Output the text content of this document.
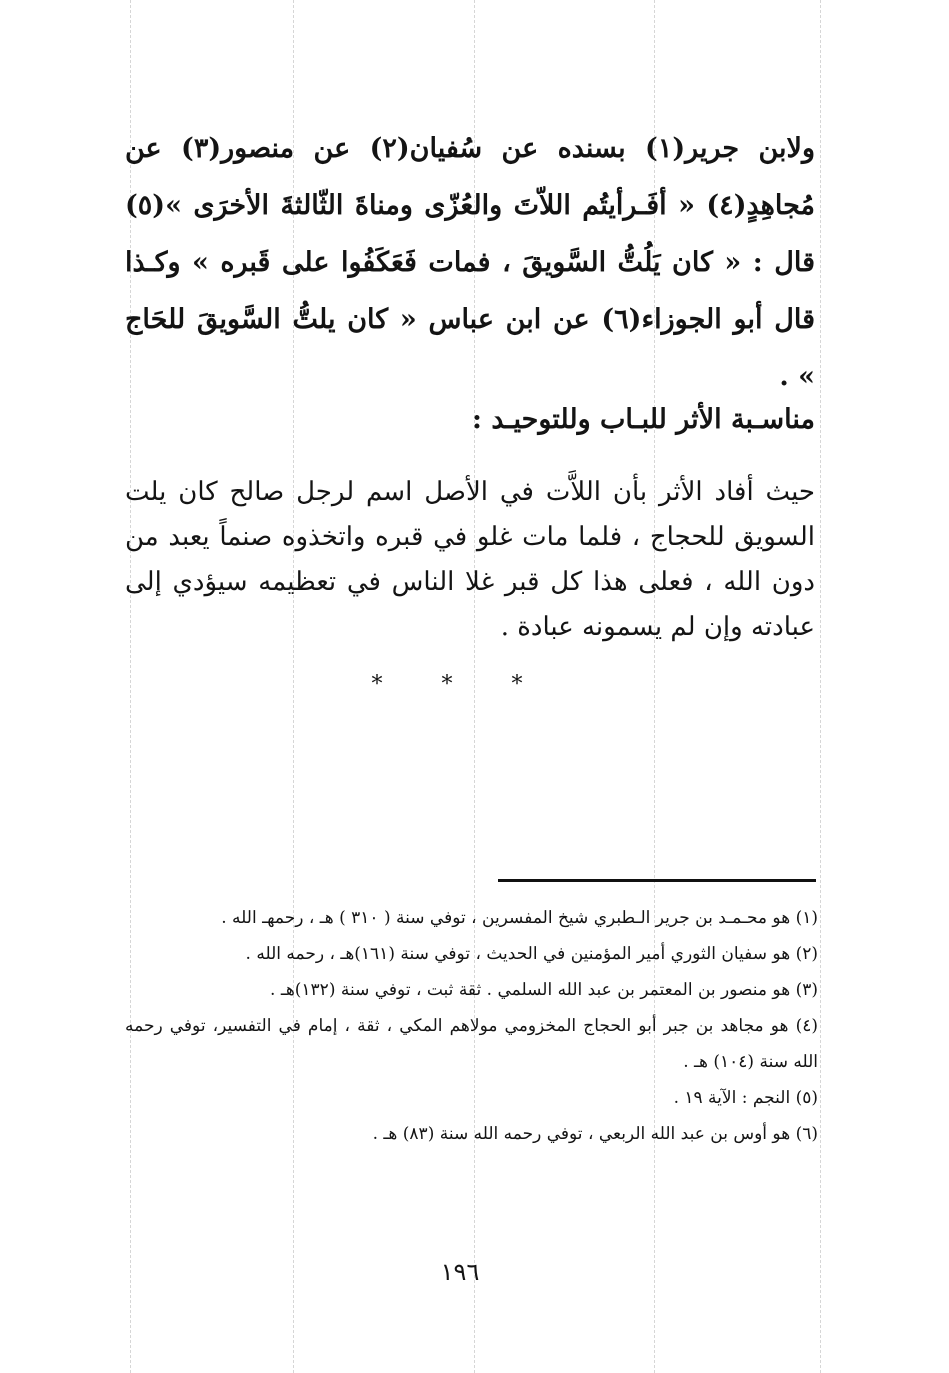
ولابن جرير(١) بسنده عن سُفيان(٢) عن منصور(٣) عن مُجاهِدٍ(٤) « أفَـرأيتُم اللاّتَ والعُزّى ومناةَ الثّالثةَ الأخرَى »(٥) قال : « كان يَلُتُّ السَّويقَ ، فمات فَعَكَفُوا على قَبره » وكـذا قال أبو الجوزاء(٦) عن ابن عباس « كان يلتُّ السَّويقَ للحَاج » .

مناسـبة الأثر للبـاب وللتوحيـد :

حيث أفاد الأثر بأن اللاَّت في الأصل اسم لرجل صالح كان يلت السويق للحجاج ، فلما مات غلو في قبره واتخذوه صنماً يعبد من دون الله ، فعلى هذا كل قبر غلا الناس في تعظيمه سيؤدي إلى عبادته وإن لم يسمونه عبادة .

* * *
(١) هو محـمـد بن جرير الـطبري شيخ المفسرين ، توفي سنة ( ٣١٠ ) هـ ، رحمهـ الله .
(٢) هو سفيان الثوري أمير المؤمنين في الحديث ، توفي سنة (١٦١)هـ ، رحمه الله .
(٣) هو منصور بن المعتمر بن عبد الله السلمي . ثقة ثبت ، توفي سنة (١٣٢)هـ .
(٤) هو مجاهد بن جبر أبو الحجاج المخزومي مولاهم المكي ، ثقة ، إمام في التفسير، توفي رحمه الله سنة (١٠٤) هـ .
(٥) النجم : الآية ١٩ .
(٦) هو أوس بن عبد الله الربعي ، توفي رحمه الله سنة (٨٣) هـ .
١٩٦
